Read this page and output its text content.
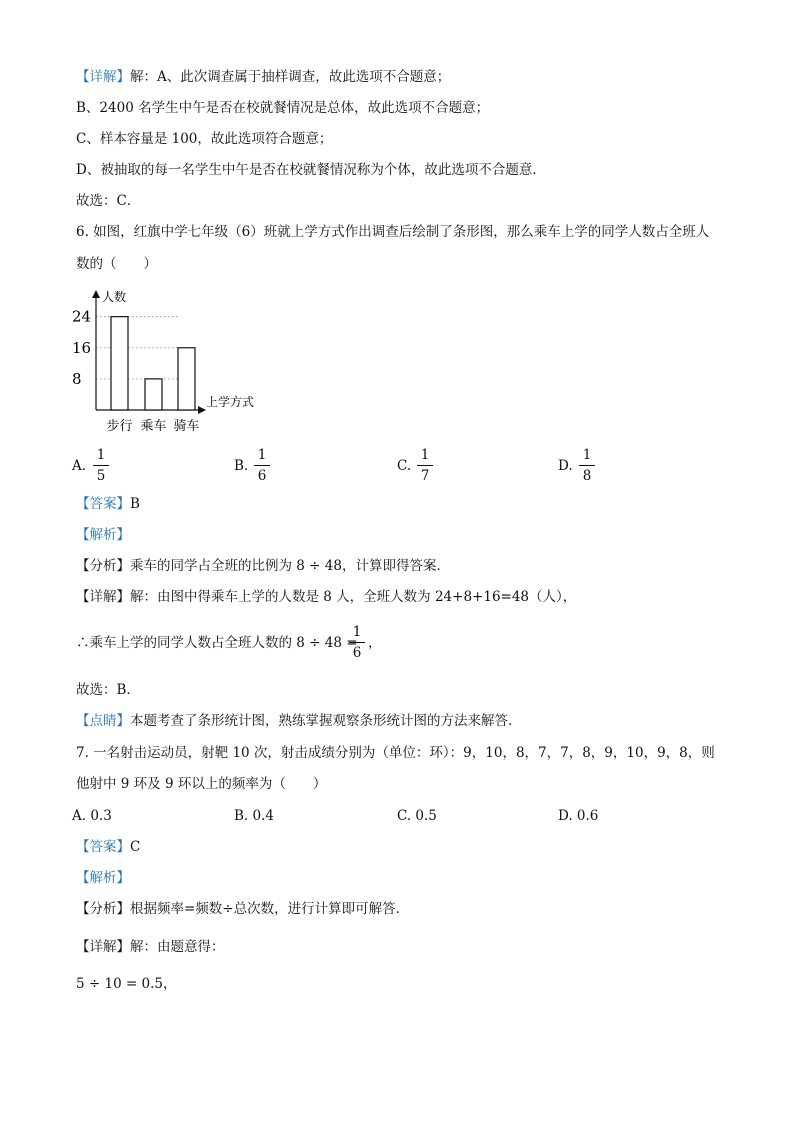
【详解】解：A、此次调查属于抽样调查，故此选项不合题意；
B、2400 名学生中午是否在校就餐情况是总体，故此选项不合题意；
C、样本容量是 100，故此选项符合题意；
D、被抽取的每一名学生中午是否在校就餐情况称为个体，故此选项不合题意．
故选：C．
6. 如图，红旗中学七年级（6）班就上学方式作出调查后绘制了条形图，那么乘车上学的同学人数占全班人
数的（　　）
8
16
24
人数
上学方式
步行 乘车 骑车
A.
1
5
B.
1
6
C.
1
7
D.
1
8
【答案】B
【解析】
【分析】乘车的同学占全班的比例为 8 ÷ 48，计算即得答案．
【详解】解：由图中得乘车上学的人数是 8 人，全班人数为 24+8+16=48（人），
∴乘车上学的同学人数占全班人数的 8 ÷ 48 =
1
6
，
故选：B．
【点睛】本题考查了条形统计图，熟练掌握观察条形统计图的方法来解答．
7. 一名射击运动员，射靶 10 次，射击成绩分别为（单位：环）：9，10，8，7，7，8，9，10，9，8，则
他射中 9 环及 9 环以上的频率为（　　）
A. 0.3	B. 0.4	C. 0.5	D. 0.6
【答案】C
【解析】
【分析】根据频率=频数÷总次数，进行计算即可解答．
【详解】解：由题意得：
5 ÷ 10 = 0.5，
